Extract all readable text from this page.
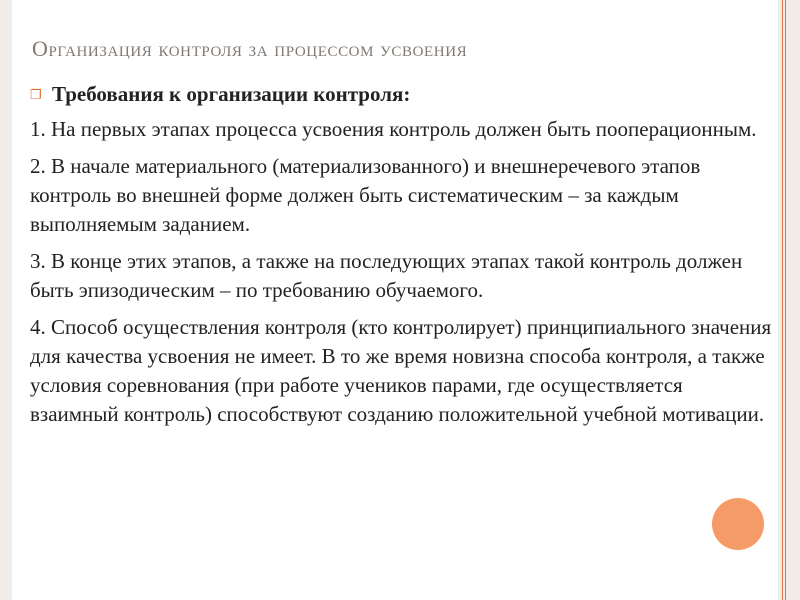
Организация контроля за процессом усвоения
❐ Требования к организации контроля:

1. На первых этапах процесса усвоения контроль должен быть пооперационным.

2. В начале материального (материализованного) и внешнеречевого этапов контроль во внешней форме должен быть систематическим – за каждым выполняемым заданием.

3. В конце этих этапов, а также на последующих этапах такой контроль должен быть эпизодическим – по требованию обучаемого.

4. Способ осуществления контроля (кто контролирует) принципиального значения для качества усвоения не имеет. В то же время новизна способа контроля, а также условия соревнования (при работе учеников парами, где осуществляется взаимный контроль) способствуют созданию положительной учебной мотивации.
